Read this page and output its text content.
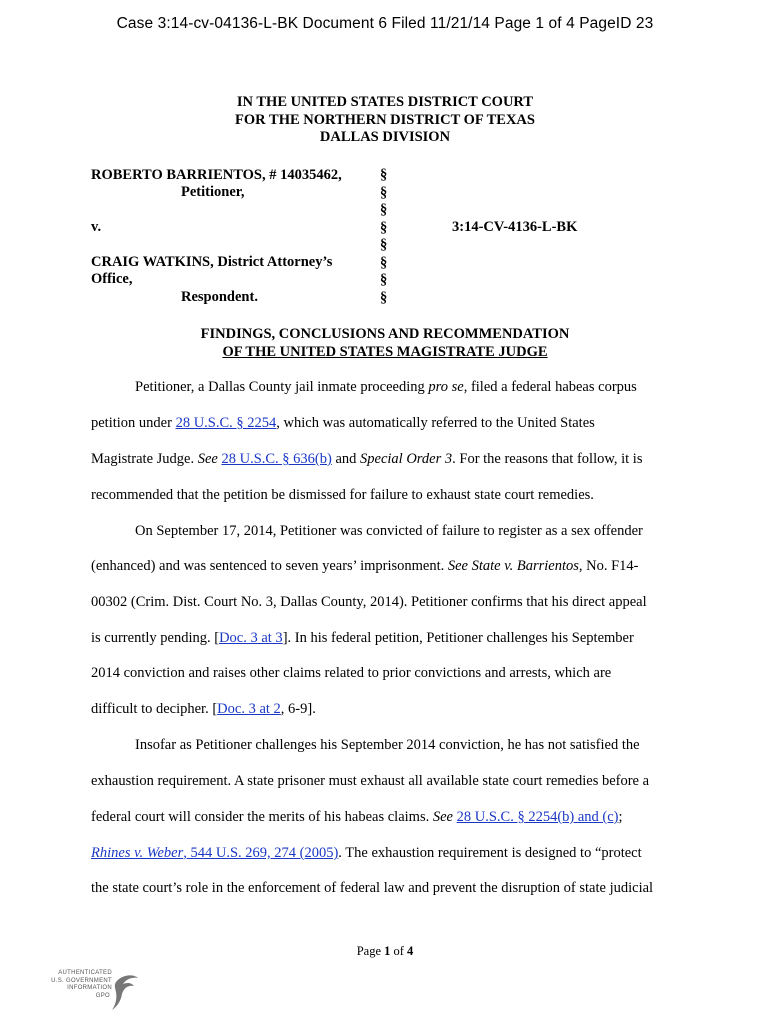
Case 3:14-cv-04136-L-BK Document 6 Filed 11/21/14 Page 1 of 4 PageID 23
IN THE UNITED STATES DISTRICT COURT
FOR THE NORTHERN DISTRICT OF TEXAS
DALLAS DIVISION
ROBERTO BARRIENTOS, # 14035462,
Petitioner,
v.
CRAIG WATKINS, District Attorney’s
Office,
Respondent.
§
§
§
§
§
§
§
§
3:14-CV-4136-L-BK
FINDINGS, CONCLUSIONS AND RECOMMENDATION
OF THE UNITED STATES MAGISTRATE JUDGE
Petitioner, a Dallas County jail inmate proceeding pro se, filed a federal habeas corpus
petition under 28 U.S.C. § 2254, which was automatically referred to the United States
Magistrate Judge. See 28 U.S.C. § 636(b) and Special Order 3. For the reasons that follow, it is
recommended that the petition be dismissed for failure to exhaust state court remedies.
On September 17, 2014, Petitioner was convicted of failure to register as a sex offender
(enhanced) and was sentenced to seven years’ imprisonment. See State v. Barrientos, No. F14-
00302 (Crim. Dist. Court No. 3, Dallas County, 2014). Petitioner confirms that his direct appeal
is currently pending. [Doc. 3 at 3]. In his federal petition, Petitioner challenges his September
2014 conviction and raises other claims related to prior convictions and arrests, which are
difficult to decipher. [Doc. 3 at 2, 6-9].
Insofar as Petitioner challenges his September 2014 conviction, he has not satisfied the
exhaustion requirement. A state prisoner must exhaust all available state court remedies before a
federal court will consider the merits of his habeas claims. See 28 U.S.C. § 2254(b) and (c);
Rhines v. Weber, 544 U.S. 269, 274 (2005). The exhaustion requirement is designed to “protect
the state court’s role in the enforcement of federal law and prevent the disruption of state judicial
Page 1 of 4
AUTHENTICATED
U.S. GOVERNMENT
INFORMATION
GPO
